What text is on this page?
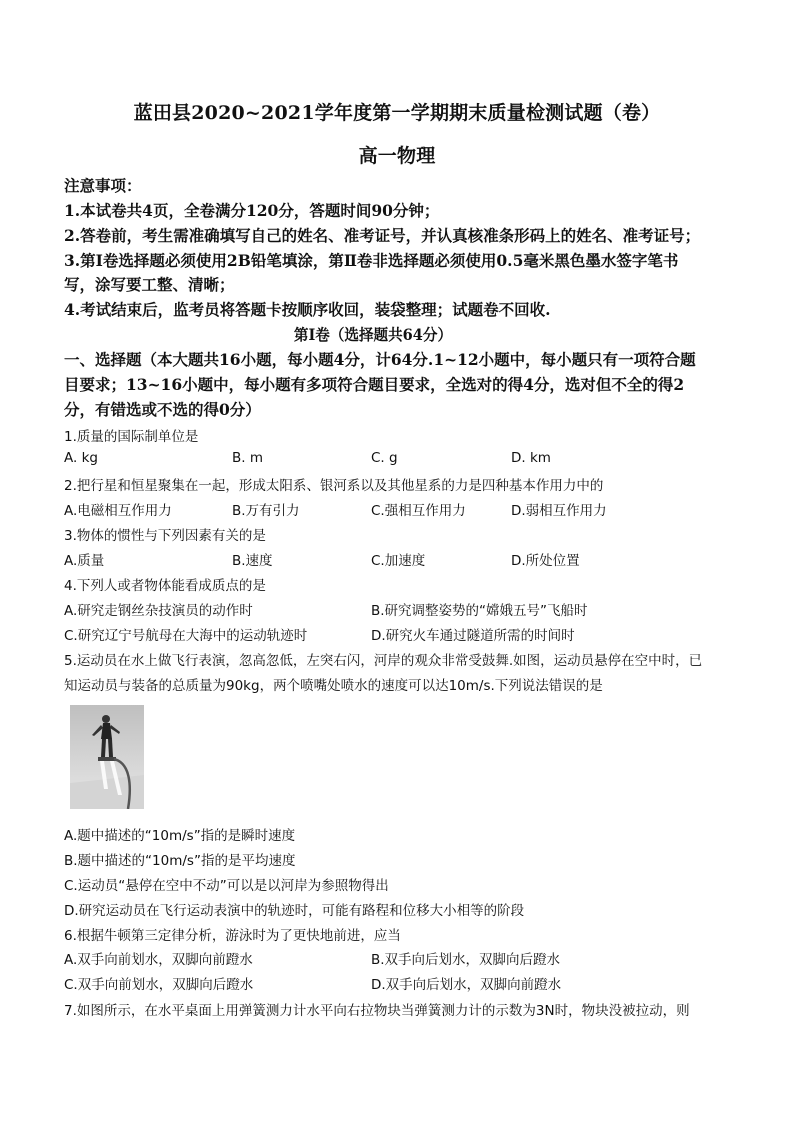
蓝田县2020~2021学年度第一学期期末质量检测试题（卷）
高一物理
注意事项：
1.本试卷共4页，全卷满分120分，答题时间90分钟；
2.答卷前，考生需准确填写自己的姓名、准考证号，并认真核准条形码上的姓名、准考证号；
3.第Ⅰ卷选择题必须使用2B铅笔填涂，第Ⅱ卷非选择题必须使用0.5毫米黑色墨水签字笔书
写，涂写要工整、清晰；
4.考试结束后，监考员将答题卡按顺序收回，装袋整理；试题卷不回收.
第Ⅰ卷（选择题共64分）
一、选择题（本大题共16小题，每小题4分，计64分.1~12小题中，每小题只有一项符合题
目要求；13~16小题中，每小题有多项符合题目要求，全选对的得4分，选对但不全的得2
分，有错选或不选的得0分）
1.质量的国际制单位是
A. kg	B. m	C. g	D. km
2.把行星和恒星聚集在一起，形成太阳系、银河系以及其他星系的力是四种基本作用力中的
A.电磁相互作用力	B.万有引力	C.强相互作用力	D.弱相互作用力
3.物体的惯性与下列因素有关的是
A.质量	B.速度	C.加速度	D.所处位置
4.下列人或者物体能看成质点的是
A.研究走钢丝杂技演员的动作时	B.研究调整姿势的“嫦娥五号”飞船时
C.研究辽宁号航母在大海中的运动轨迹时	D.研究火车通过隧道所需的时间时
5.运动员在水上做飞行表演，忽高忽低，左突右闪，河岸的观众非常受鼓舞.如图，运动员悬停在空中时，已
知运动员与装备的总质量为90kg，两个喷嘴处喷水的速度可以达10m/s.下列说法错误的是
A.题中描述的“10m/s”指的是瞬时速度
B.题中描述的“10m/s”指的是平均速度
C.运动员“悬停在空中不动”可以是以河岸为参照物得出
D.研究运动员在飞行运动表演中的轨迹时，可能有路程和位移大小相等的阶段
6.根据牛顿第三定律分析，游泳时为了更快地前进，应当
A.双手向前划水，双脚向前蹬水	B.双手向后划水，双脚向后蹬水
C.双手向前划水，双脚向后蹬水	D.双手向后划水，双脚向前蹬水
7.如图所示，在水平桌面上用弹簧测力计水平向右拉物块当弹簧测力计的示数为3N时，物块没被拉动，则
